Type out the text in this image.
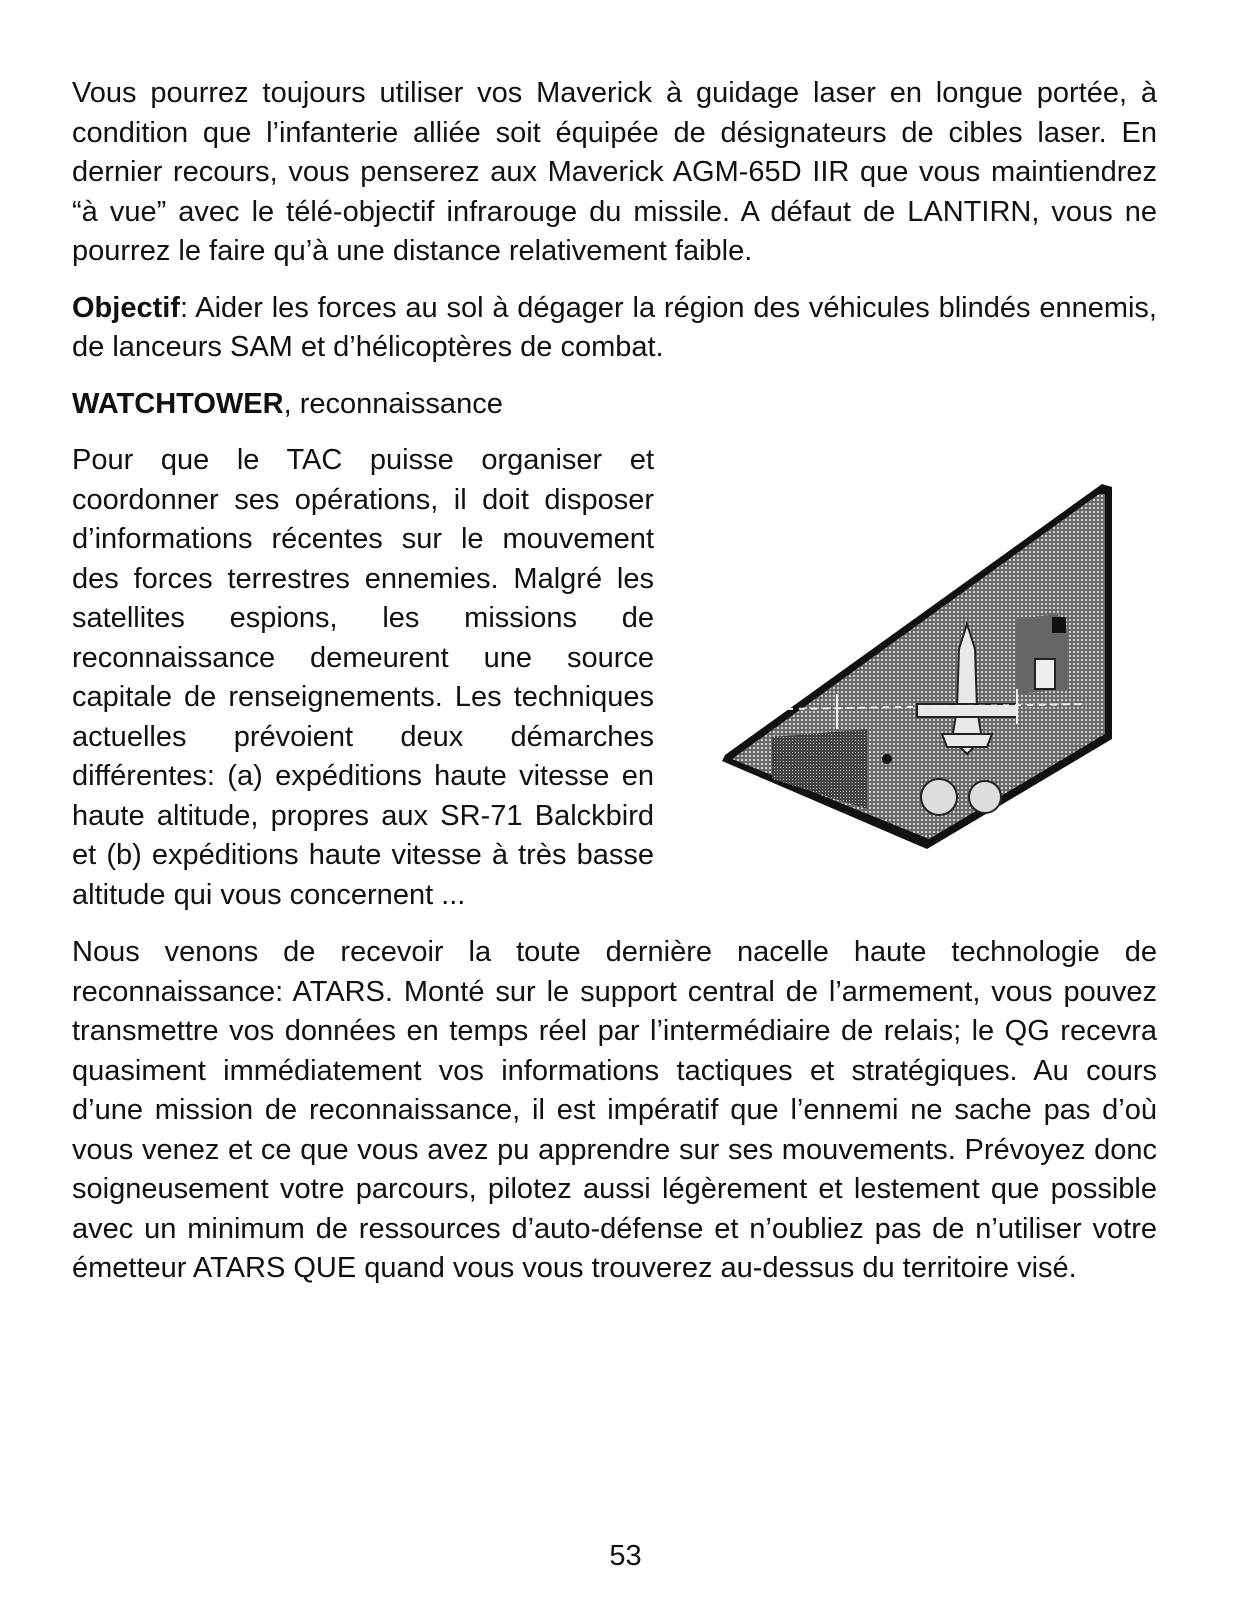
Vous pourrez toujours utiliser vos Maverick à guidage laser en longue portée, à condition que l’infanterie alliée soit équipée de désignateurs de cibles laser. En dernier recours, vous penserez aux Maverick AGM-65D IIR que vous maintiendrez “à vue” avec le télé-objectif infrarouge du missile. A défaut de LANTIRN, vous ne pourrez le faire qu’à une distance relativement faible.

Objectif: Aider les forces au sol à dégager la région des véhicules blindés ennemis, de lanceurs SAM et d’hélicoptères de combat.

WATCHTOWER, reconnaissance

Pour que le TAC puisse organiser et coordonner ses opérations, il doit disposer d’informations récentes sur le mouvement des forces terrestres ennemies. Malgré les satellites espions, les missions de reconnaissance demeurent une source capitale de renseignements. Les techniques actuelles prévoient deux démarches différentes: (a) expéditions haute vitesse en haute altitude, propres aux SR-71 Balckbird et (b) expéditions haute vitesse à très basse altitude qui vous concernent ...

Nous venons de recevoir la toute dernière nacelle haute technologie de reconnaissance: ATARS. Monté sur le support central de l’armement, vous pouvez transmettre vos données en temps réel par l’intermédiaire de relais; le QG recevra quasiment immédiatement vos informations tactiques et stratégiques. Au cours d’une mission de reconnaissance, il est impératif que l’ennemi ne sache pas d’où vous venez et ce que vous avez pu apprendre sur ses mouvements. Prévoyez donc soigneusement votre parcours, pilotez aussi légèrement et lestement que possible avec un minimum de ressources d’auto-défense et n’oubliez pas de n’utiliser votre émetteur ATARS QUE quand vous vous trouverez au-dessus du territoire visé.

53
